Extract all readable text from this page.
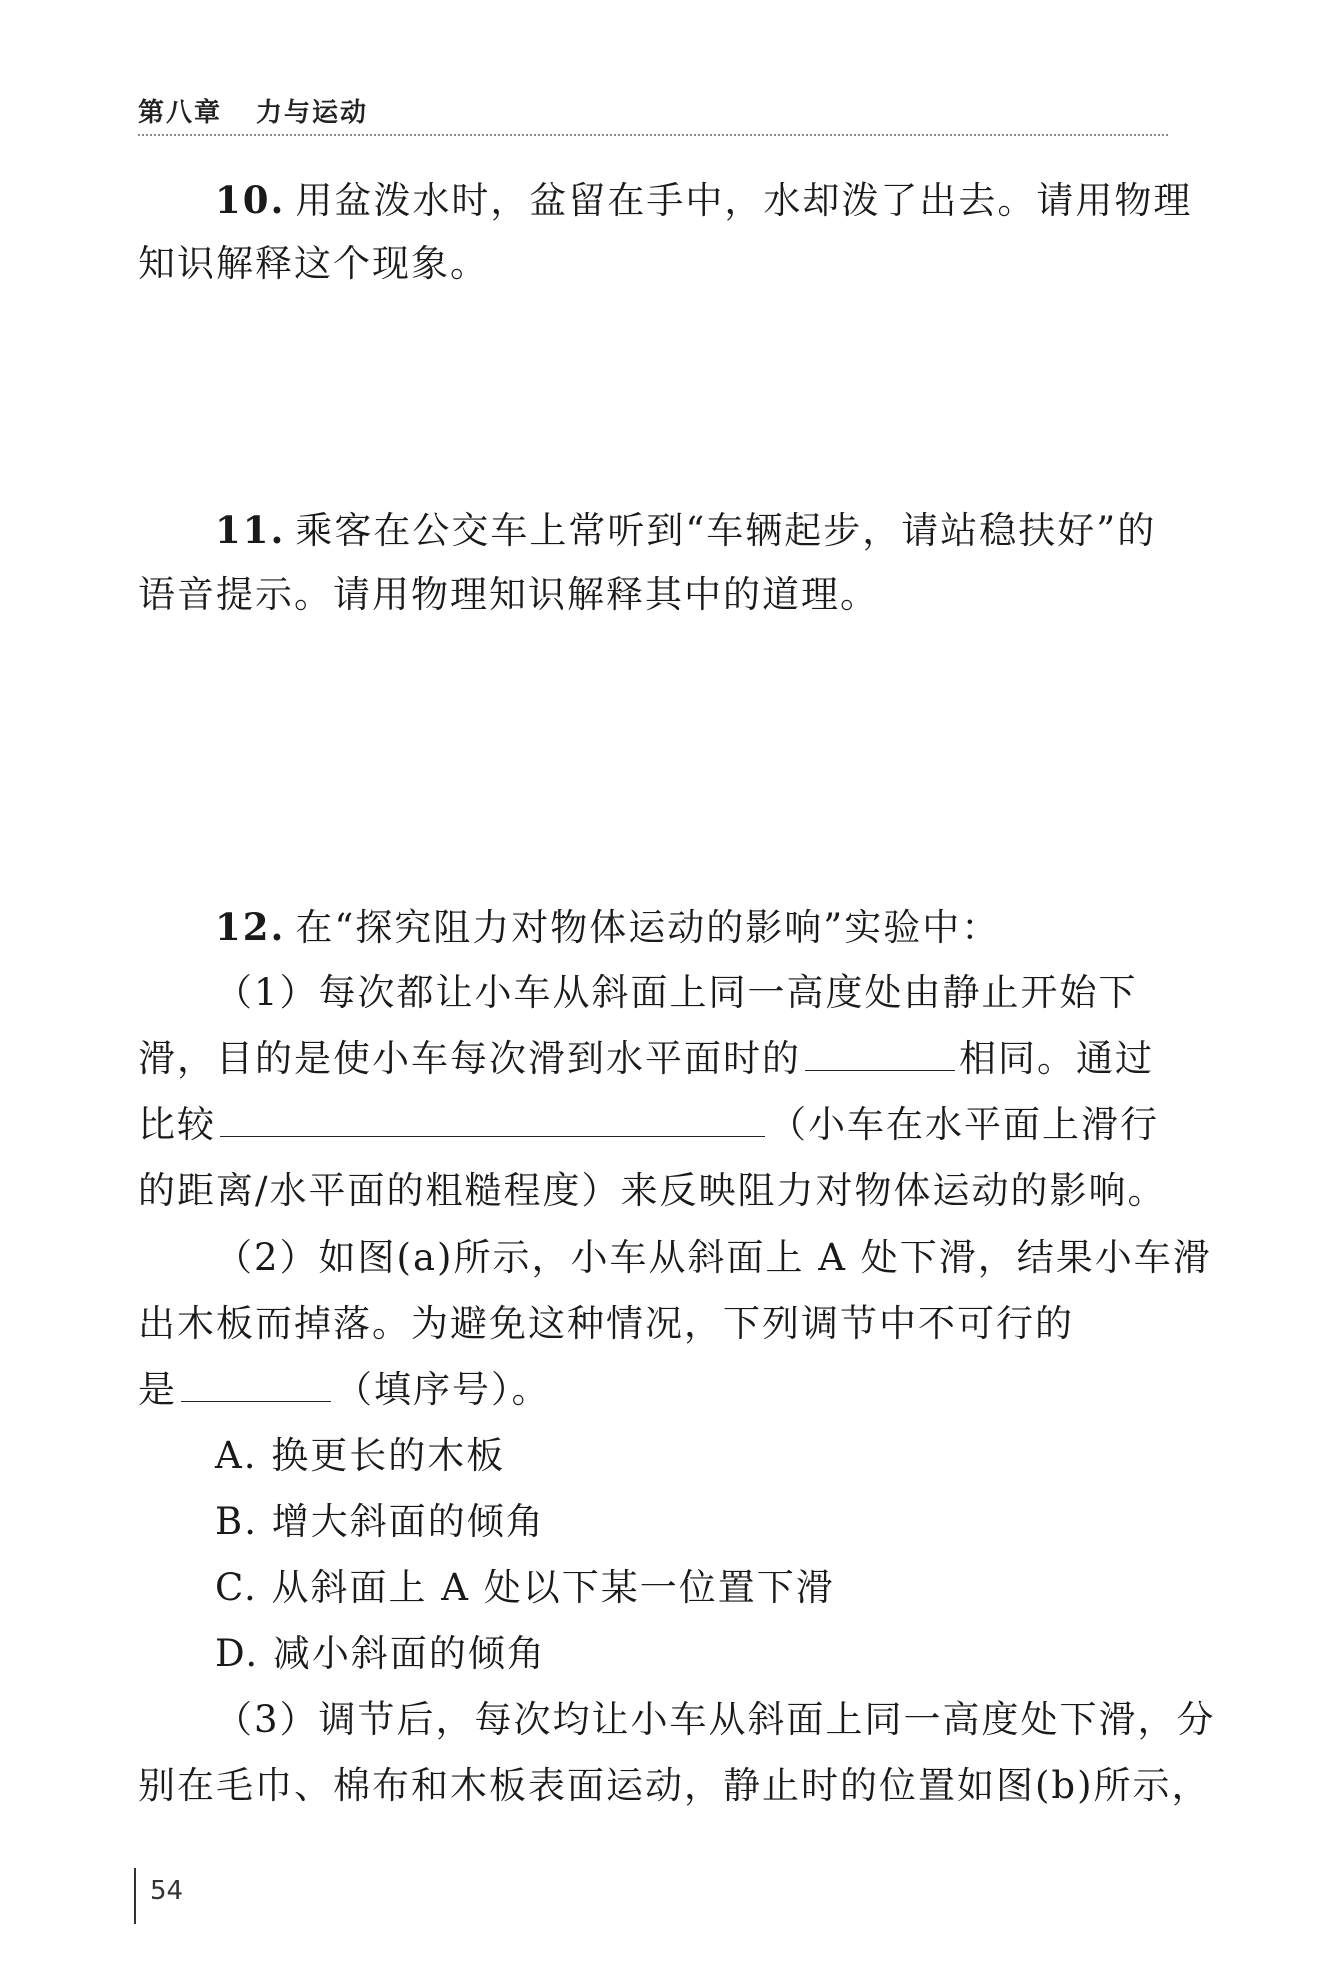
第八章 力与运动
10. 用盆泼水时，盆留在手中，水却泼了出去。请用物理
知识解释这个现象。
11. 乘客在公交车上常听到“车辆起步，请站稳扶好”的
语音提示。请用物理知识解释其中的道理。
12. 在“探究阻力对物体运动的影响”实验中：
（1）每次都让小车从斜面上同一高度处由静止开始下
滑，目的是使小车每次滑到水平面时的	相同。通过
比较	（小车在水平面上滑行
的距离/水平面的粗糙程度）来反映阻力对物体运动的影响。
（2）如图(a)所示，小车从斜面上 A 处下滑，结果小车滑
出木板而掉落。为避免这种情况，下列调节中不可行的
是	（填序号）。
A. 换更长的木板
B. 增大斜面的倾角
C. 从斜面上 A 处以下某一位置下滑
D. 减小斜面的倾角
（3）调节后，每次均让小车从斜面上同一高度处下滑，分
别在毛巾、棉布和木板表面运动，静止时的位置如图(b)所示，
54
